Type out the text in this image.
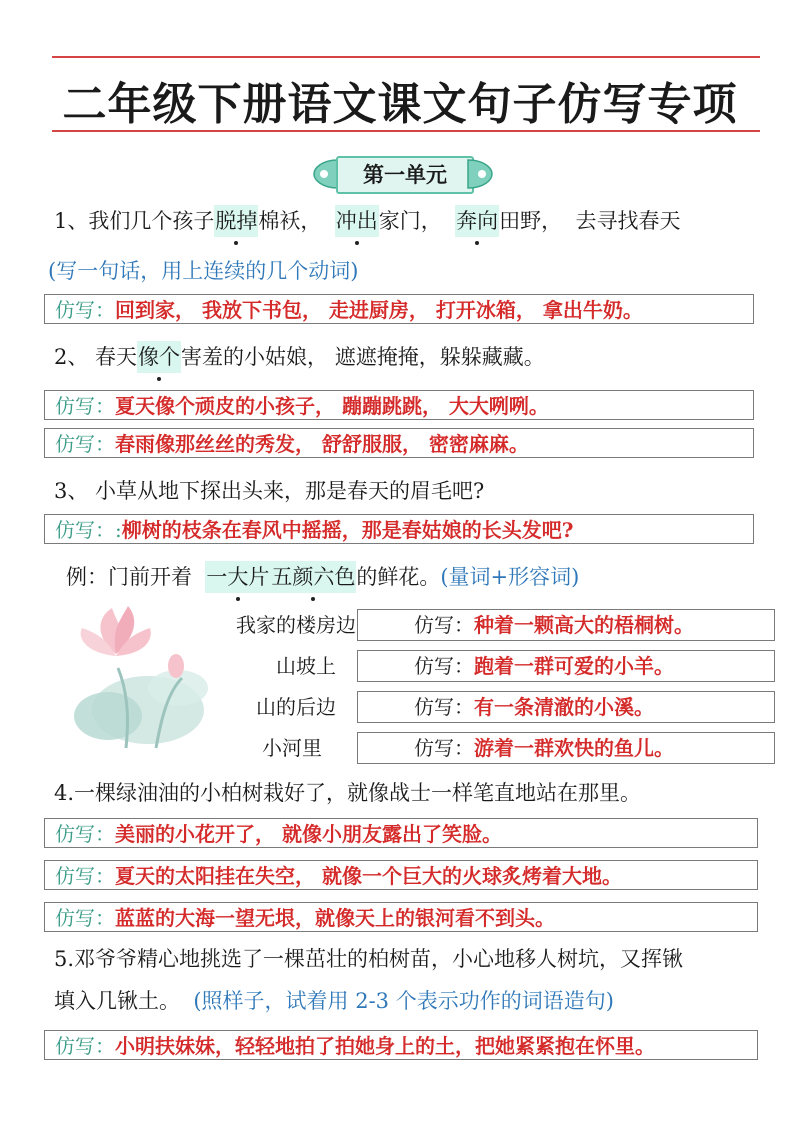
二年级下册语文课文句子仿写专项
第一单元
1、我们几个孩子脱掉棉袄， 冲出家门， 奔向田野， 去寻找春天
(写一句话，用上连续的几个动词)
仿写：回到家， 我放下书包， 走进厨房， 打开冰箱， 拿出牛奶。
2、 春天像个害羞的小姑娘， 遮遮掩掩，躲躲藏藏。
仿写：夏天像个顽皮的小孩子， 蹦蹦跳跳， 大大咧咧。
仿写：春雨像那丝丝的秀发， 舒舒服服， 密密麻麻。
3、 小草从地下探出头来，那是春天的眉毛吧?
仿写：:柳树的枝条在春风中摇摇，那是春姑娘的长头发吧?
例：门前开着 一大片五颜六色的鲜花。(量词+形容词)
我家的楼房边	仿写：种着一颗高大的梧桐树。
山坡上	仿写：跑着一群可爱的小羊。
山的后边	仿写：有一条清澈的小溪。
小河里	仿写：游着一群欢快的鱼儿。
4.一棵绿油油的小柏树栽好了，就像战士一样笔直地站在那里。
仿写：美丽的小花开了， 就像小朋友露出了笑脸。
仿写：夏天的太阳挂在失空， 就像一个巨大的火球炙烤着大地。
仿写：蓝蓝的大海一望无垠，就像天上的银河看不到头。
5.邓爷爷精心地挑选了一棵茁壮的柏树苗，小心地移人树坑，又挥锹
填入几锹土。 (照样子，试着用 2-3 个表示功作的词语造句)
仿写：小明扶妹妹，轻轻地拍了拍她身上的土，把她紧紧抱在怀里。
